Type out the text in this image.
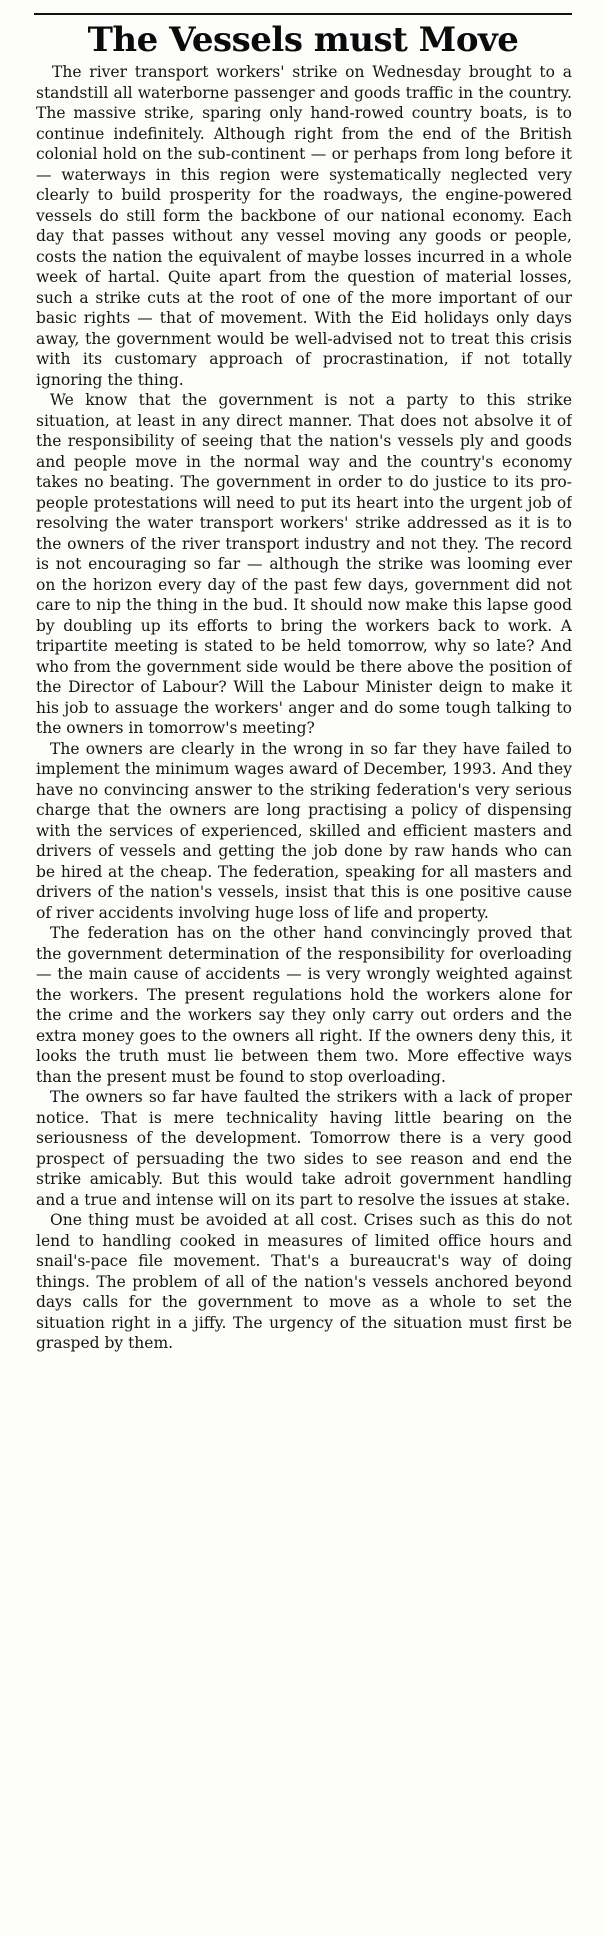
The Vessels must Move

The river transport workers' strike on Wednesday brought to a standstill all waterborne passenger and goods traffic in the country. The massive strike, sparing only hand-rowed country boats, is to continue indefinitely. Although right from the end of the British colonial hold on the sub-continent — or perhaps from long before it — waterways in this region were systematically neglected very clearly to build prosperity for the roadways, the engine-powered vessels do still form the backbone of our national economy. Each day that passes without any vessel moving any goods or people, costs the nation the equivalent of maybe losses incurred in a whole week of hartal. Quite apart from the question of material losses, such a strike cuts at the root of one of the more important of our basic rights — that of movement. With the Eid holidays only days away, the government would be well-advised not to treat this crisis with its customary approach of procrastination, if not totally ignoring the thing.

We know that the government is not a party to this strike situation, at least in any direct manner. That does not absolve it of the responsibility of seeing that the nation's vessels ply and goods and people move in the normal way and the country's economy takes no beating. The government in order to do justice to its pro-people protestations will need to put its heart into the urgent job of resolving the water transport workers' strike addressed as it is to the owners of the river transport industry and not they. The record is not encouraging so far — although the strike was looming ever on the horizon every day of the past few days, government did not care to nip the thing in the bud. It should now make this lapse good by doubling up its efforts to bring the workers back to work. A tripartite meeting is stated to be held tomorrow, why so late? And who from the government side would be there above the position of the Director of Labour? Will the Labour Minister deign to make it his job to assuage the workers' anger and do some tough talking to the owners in tomorrow's meeting?

The owners are clearly in the wrong in so far they have failed to implement the minimum wages award of December, 1993. And they have no convincing answer to the striking federation's very serious charge that the owners are long practising a policy of dispensing with the services of experienced, skilled and efficient masters and drivers of vessels and getting the job done by raw hands who can be hired at the cheap. The federation, speaking for all masters and drivers of the nation's vessels, insist that this is one positive cause of river accidents involving huge loss of life and property.

The federation has on the other hand convincingly proved that the government determination of the responsibility for overloading— the main cause of accidents — is very wrongly weighted against the workers. The present regulations hold the workers alone for the crime and the workers say they only carry out orders and the extra money goes to the owners all right. If the owners deny this, it looks the truth must lie between them two. More effective ways than the present must be found to stop overloading.

The owners so far have faulted the strikers with a lack of proper notice. That is mere technicality having little bearing on the seriousness of the development. Tomorrow there is a very good prospect of persuading the two sides to see reason and end the strike amicably. But this would take adroit government handling and a true and intense will on its part to resolve the issues at stake.

One thing must be avoided at all cost. Crises such as this do not lend to handling cooked in measures of limited office hours and snail's-pace file movement. That's a bureaucrat's way of doing things. The problem of all of the nation's vessels anchored beyond days calls for the government to move as a whole to set the situation right in a jiffy. The urgency of the situation must first be grasped by them.
